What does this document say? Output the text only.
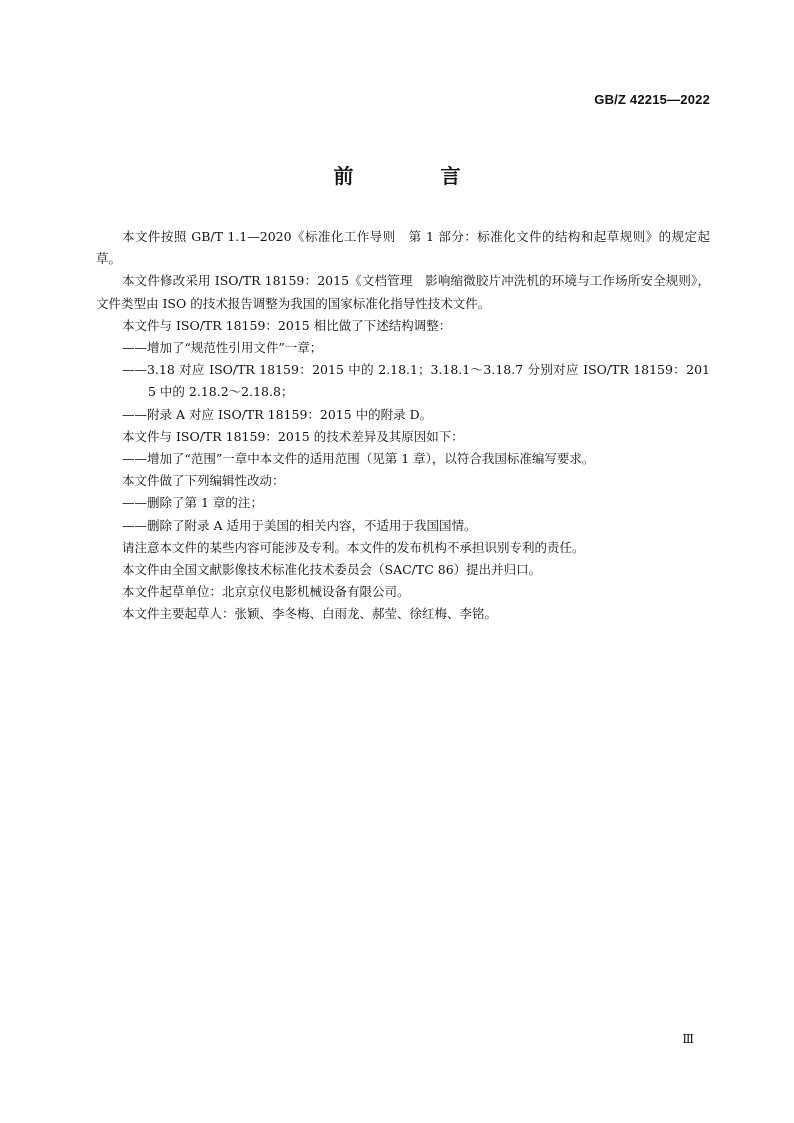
GB/Z 42215—2022
前 言

本文件按照 GB/T 1.1—2020《标准化工作导则　第 1 部分：标准化文件的结构和起草规则》的规定起草。

本文件修改采用 ISO/TR 18159：2015《文档管理　影响缩微胶片冲洗机的环境与工作场所安全规则》，文件类型由 ISO 的技术报告调整为我国的国家标准化指导性技术文件。

本文件与 ISO/TR 18159：2015 相比做了下述结构调整：

——增加了“规范性引用文件”一章；

——3.18 对应 ISO/TR 18159：2015 中的 2.18.1；3.18.1～3.18.7 分别对应 ISO/TR 18159：2015 中的 2.18.2～2.18.8；

——附录 A 对应 ISO/TR 18159：2015 中的附录 D。

本文件与 ISO/TR 18159：2015 的技术差异及其原因如下：

——增加了“范围”一章中本文件的适用范围（见第 1 章），以符合我国标准编写要求。

本文件做了下列编辑性改动：

——删除了第 1 章的注；

——删除了附录 A 适用于美国的相关内容，不适用于我国国情。

请注意本文件的某些内容可能涉及专利。本文件的发布机构不承担识别专利的责任。

本文件由全国文献影像技术标准化技术委员会（SAC/TC 86）提出并归口。

本文件起草单位：北京京仪电影机械设备有限公司。

本文件主要起草人：张颖、李冬梅、白雨龙、郝莹、徐红梅、李铭。

Ⅲ
